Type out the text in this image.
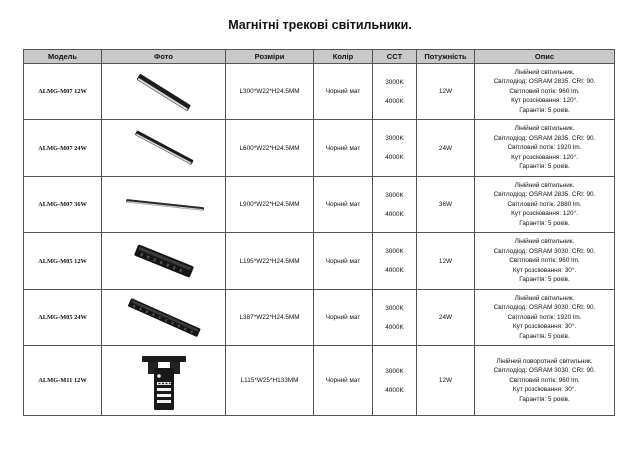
Магнітні трекові світильники.
Модель	Фото	Розміри	Колір	CCT	Потужність	Опис
ALMG-M07 12W		L300*W22*H24.5MM	Чорний мат	3000K
4000K	12W	Лінійний світильник.
Світлодіод: OSRAM 2835. CRI: 90.
Світловий потік: 960 lm.
Кут розсіювання: 120°.
Гарантія: 5 років.

ALMG-M07 24W		L600*W22*H24.5MM	Чорний мат	3000K
4000K	24W	Лінійний світильник.
Світлодіод: OSRAM 2835. CRI: 90.
Світловий потік: 1920 lm.
Кут розсіювання: 120°.
Гарантія: 5 років.

ALMG-M07 36W		L900*W22*H24.5MM	Чорний мат	3000K
4000K	36W	Лінійний світильник.
Світлодіод: OSRAM 2835. CRI: 90.
Світловий потік: 2880 lm.
Кут розсіювання: 120°.
Гарантія: 5 років.

ALMG-M05 12W		L195*W22*H24.5MM	Чорний мат	3000K
4000K	12W	Лінійний світильник.
Світлодіод: OSRAM 3030. CRI: 90.
Світловий потік: 960 lm.
Кут розсіювання: 30°.
Гарантія: 5 років.

ALMG-M05 24W		L387*W22*H24.5MM	Чорний мат	3000K
4000K	24W	Лінійний світильник.
Світлодіод: OSRAM 3030. CRI: 90.
Світловий потік: 1920 lm.
Кут розсіювання: 30°.
Гарантія: 5 років.

ALMG-M11 12W		L115*W25*H133MM	Чорний мат	3000K
4000K	12W	Лінійний поворотний світильник.
Світлодіод: OSRAM 3030. CRI: 90.
Світловий потік: 960 lm.
Кут розсіювання: 30°.
Гарантія: 5 років.
